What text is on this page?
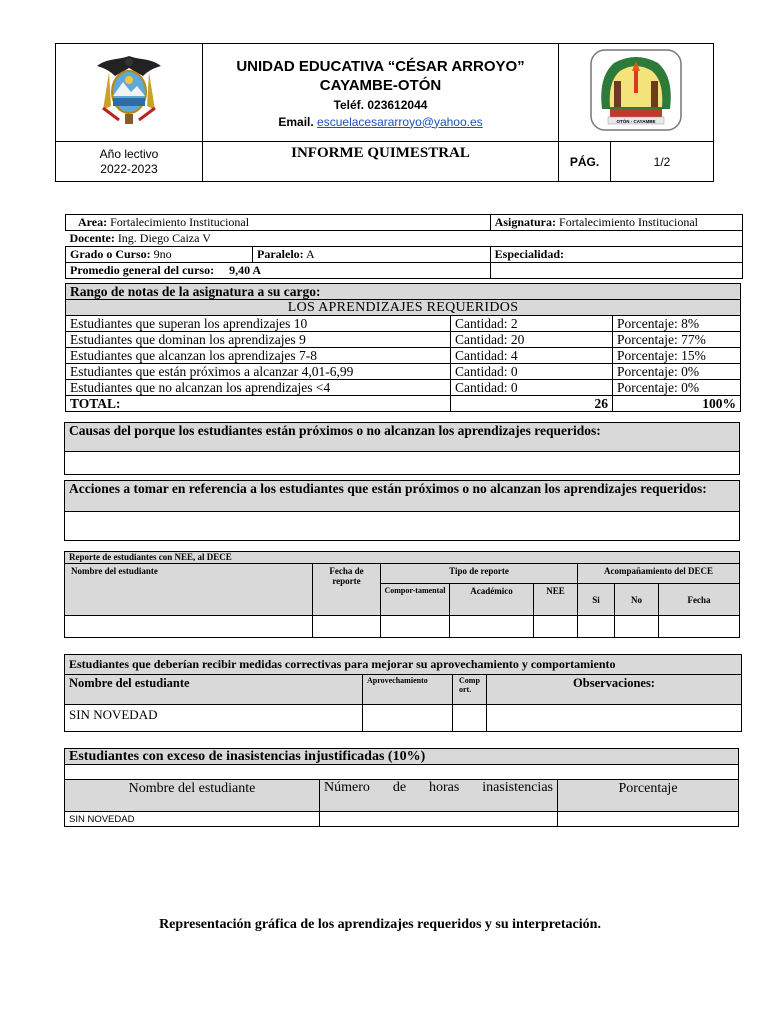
UNIDAD EDUCATIVA “CÉSAR ARROYO”
CAYAMBE-OTÓN
Teléf. 023612044
Email. escuelacesararroyo@yahoo.es	OTÓN - CAYAMBE	

Año lectivo
2022-2023	INFORME QUIMESTRAL	PÁG.	1/2
Area: Fortalecimiento Institucional		Asignatura: Fortalecimiento Institucional
Docente: Ing. Diego Caiza V		
Grado o Curso: 9no	Paralelo: A	Especialidad:
Promedio general del curso: 9,40 A		
Rango de notas de la asignatura a su cargo:		
LOS APRENDIZAJES REQUERIDOS		
Estudiantes que superan los aprendizajes 10	Cantidad: 2	Porcentaje: 8%
Estudiantes que dominan los aprendizajes 9	Cantidad: 20	Porcentaje: 77%
Estudiantes que alcanzan los aprendizajes 7-8	Cantidad: 4	Porcentaje: 15%
Estudiantes que están próximos a alcanzar 4,01-6,99	Cantidad: 0	Porcentaje: 0%
Estudiantes que no alcanzan los aprendizajes <4	Cantidad: 0	Porcentaje: 0%
TOTAL:	26	100%
Causas del porque los estudiantes están próximos o no alcanzan los aprendizajes requeridos:
Acciones a tomar en referencia a los estudiantes que están próximos o no alcanzan los aprendizajes requeridos:
Reporte de estudiantes con NEE, al DECE							
Nombre del estudiante	Fecha de reporte	Tipo de reporte			Acompañamiento del DECE		
		Compor-tamental	Académico	NEE	Si	No	Fecha

Estudiantes que deberían recibir medidas correctivas para mejorar su aprovechamiento y comportamiento			
Nombre del estudiante	Aprovechamiento	Comport.	Observaciones:
SIN NOVEDAD			
Estudiantes con exceso de inasistencias injustificadas (10%)		

Nombre del estudiante	Número de horas inasistencias	Porcentaje
SIN NOVEDAD		
Representación gráfica de los aprendizajes requeridos y su interpretación.
